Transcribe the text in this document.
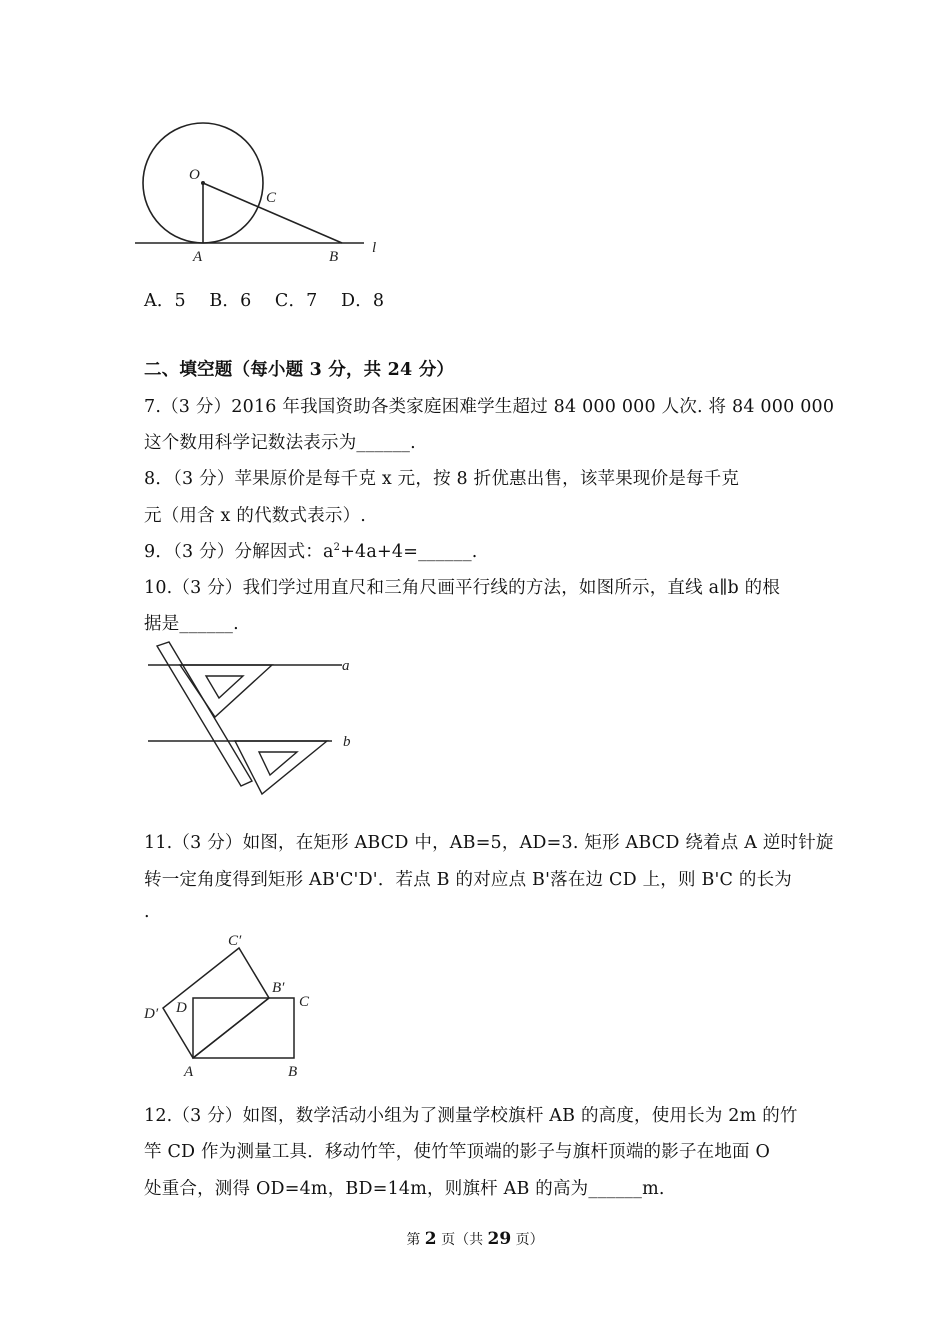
O
C
A	B
l
A．5　 B．6　 C．7　 D．8
二、填空题（每小题 3 分，共 24 分）
7.（3 分）2016 年我国资助各类家庭困难学生超过 84 000 000 人次. 将 84 000 000
这个数用科学记数法表示为______.
8．（3 分）苹果原价是每千克 x 元，按 8 折优惠出售，该苹果现价是每千克
元（用含 x 的代数式表示）.
9．（3 分）分解因式：$a^2+4a+4=\_\_\_\_\_\_$.
10.（3 分）我们学过用直尺和三角尺画平行线的方法，如图所示，直线 a∥b 的根
据是______.
a
b
11.（3 分）如图，在矩形 ABCD 中，AB=5，AD=3. 矩形 ABCD 绕着点 A 逆时针旋
转一定角度得到矩形 AB'C'D'．若点 B 的对应点 B'落在边 CD 上，则 B'C 的长为
.
C′
D′ D
B′
C
A	B
12.（3 分）如图，数学活动小组为了测量学校旗杆 AB 的高度，使用长为 2m 的竹
竿 CD 作为测量工具．移动竹竿，使竹竿顶端的影子与旗杆顶端的影子在地面 O
处重合，测得 OD=4m，BD=14m，则旗杆 AB 的高为______m.
第 2 页（共 29 页）
